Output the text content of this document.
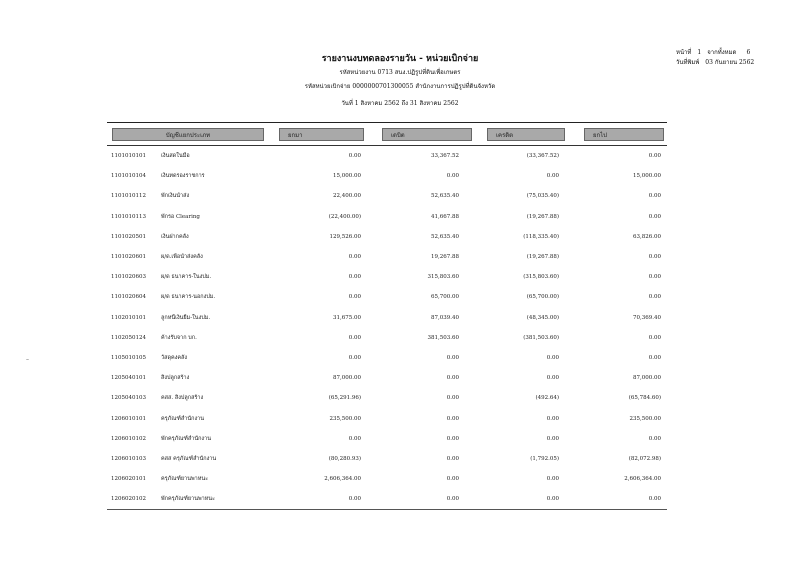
หน้าที่ 1 จากทั้งหมด 6
วันที่พิมพ์ 03 กันยายน 2562
รายงานงบทดลองรายวัน - หน่วยเบิกจ่าย
รหัสหน่วยงาน 0713 สนง.ปฏิรูปที่ดินเพื่อเกษตร
รหัสหน่วยเบิกจ่าย 0000000701300055 สำนักงานการปฏิรูปที่ดินจังหวัด
วันที่ 1 สิงหาคม 2562 ถึง 31 สิงหาคม 2562
บัญชีแยกประเภท	ยกมา	เดบิต	เครดิต	ยกไป
1101010101	เงินสดในมือ	0.00	33,367.52	(33,367.52)	0.00
1101010104	เงินทดรองราชการ	15,000.00	0.00	0.00	15,000.00
1101010112	พักเงินนำส่ง	22,400.00	52,635.40	(75,035.40)	0.00
1101010113	พักรอ Clearing	(22,400.00)	41,667.88	(19,267.88)	0.00
1101020501	เงินฝากคลัง	129,526.00	52,635.40	(118,335.40)	63,826.00
1101020601	ผ/ด.เพื่อนำส่งคลัง	0.00	19,267.88	(19,267.88)	0.00
1101020603	ผ/ด ธนาคาร-ในงปม.	0.00	315,803.60	(315,803.60)	0.00
1101020604	ผ/ด ธนาคาร-นอกงปม.	0.00	65,700.00	(65,700.00)	0.00
1102010101	ลูกหนี้เงินยืม-ในงปม.	31,675.00	87,039.40	(48,345.00)	70,369.40
1102050124	ค้างรับจาก บก.	0.00	381,503.60	(381,503.60)	0.00
1105010105	วัสดุคงคลัง	0.00	0.00	0.00	0.00
1205040101	สิ่งปลูกสร้าง	87,000.00	0.00	0.00	87,000.00
1205040103	คสส. สิ่งปลูกสร้าง	(65,291.96)	0.00	(492.64)	(65,784.60)
1206010101	ครุภัณฑ์สำนักงาน	235,500.00	0.00	0.00	235,500.00
1206010102	พักครุภัณฑ์สำนักงาน	0.00	0.00	0.00	0.00
1206010103	คสส ครุภัณฑ์สำนักงาน	(80,280.93)	0.00	(1,792.05)	(82,072.98)
1206020101	ครุภัณฑ์ยานพาหนะ	2,606,364.00	0.00	0.00	2,606,364.00
1206020102	พักครุภัณฑ์ยานพาหนะ	0.00	0.00	0.00	0.00
–
